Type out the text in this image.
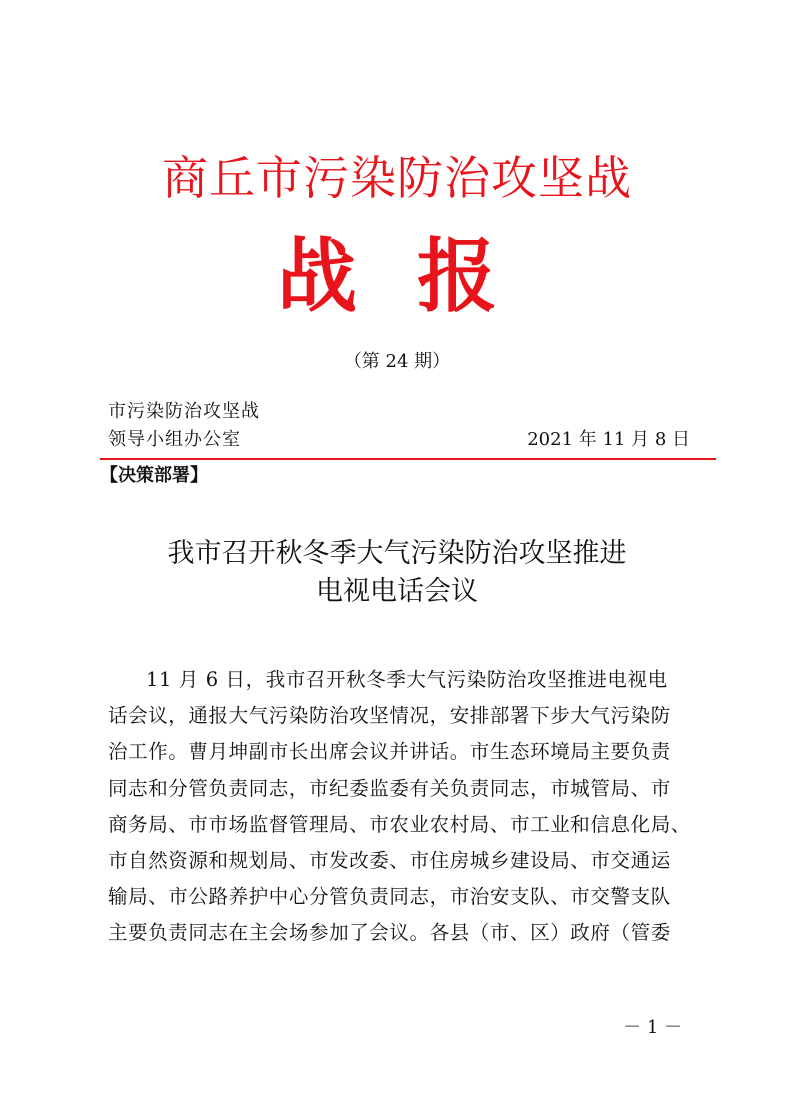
商丘市污染防治攻坚战
战报
（第 24 期）
市污染防治攻坚战
领导小组办公室	2021 年 11 月 8 日
【决策部署】
我市召开秋冬季大气污染防治攻坚推进
电视电话会议
11 月 6 日，我市召开秋冬季大气污染防治攻坚推进电视电
话会议，通报大气污染防治攻坚情况，安排部署下步大气污染防
治工作。曹月坤副市长出席会议并讲话。市生态环境局主要负责
同志和分管负责同志，市纪委监委有关负责同志，市城管局、市
商务局、市市场监督管理局、市农业农村局、市工业和信息化局、
市自然资源和规划局、市发改委、市住房城乡建设局、市交通运
输局、市公路养护中心分管负责同志，市治安支队、市交警支队
主要负责同志在主会场参加了会议。各县（市、区）政府（管委
－ 1 －
